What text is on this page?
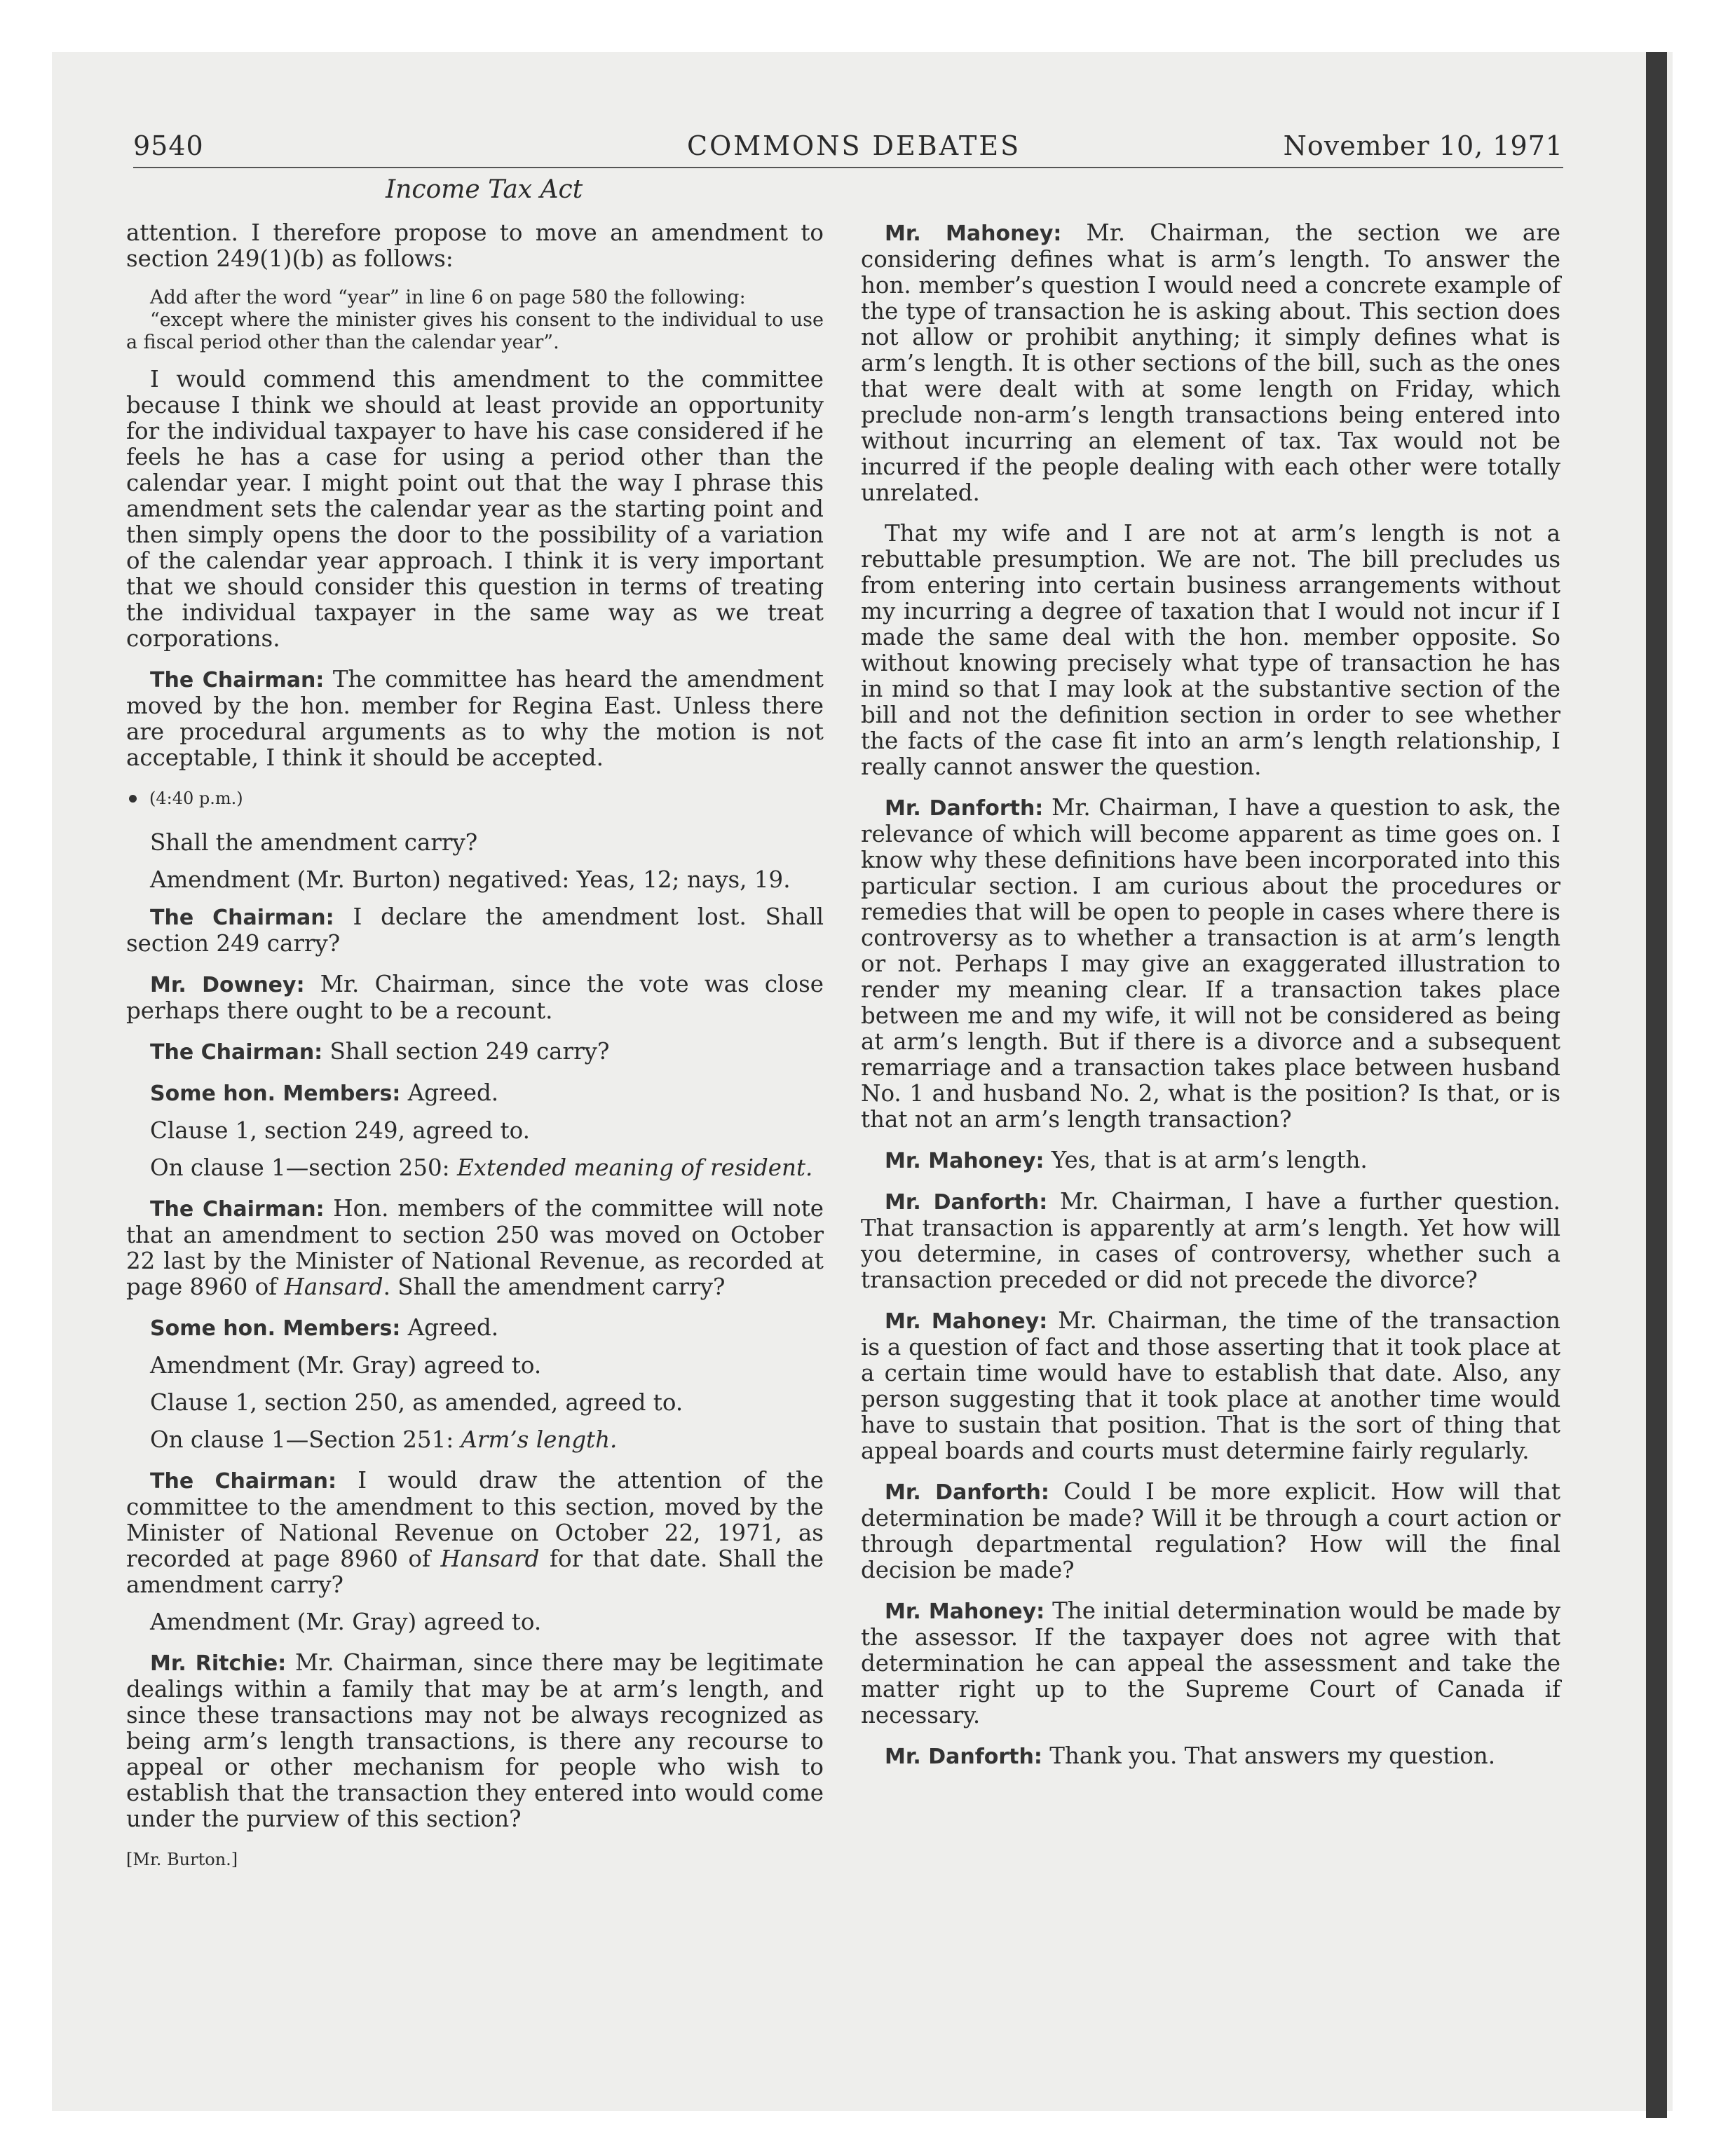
9540	COMMONS DEBATES	November 10, 1971
Income Tax Act

attention. I therefore propose to move an amendment to section 249(1)(b) as follows:

Add after the word “year” in line 6 on page 580 the following:
“except where the minister gives his consent to the individual to use a fiscal period other than the calendar year”.

I would commend this amendment to the committee because I think we should at least provide an opportunity for the individual taxpayer to have his case considered if he feels he has a case for using a period other than the calendar year. I might point out that the way I phrase this amendment sets the calendar year as the starting point and then simply opens the door to the possibility of a variation of the calendar year approach. I think it is very important that we should consider this question in terms of treating the individual taxpayer in the same way as we treat corporations.

The Chairman: The committee has heard the amendment moved by the hon. member for Regina East. Unless there are procedural arguments as to why the motion is not acceptable, I think it should be accepted.

(4:40 p.m.)

Shall the amendment carry?

Amendment (Mr. Burton) negatived: Yeas, 12; nays, 19.

The Chairman: I declare the amendment lost. Shall section 249 carry?

Mr. Downey: Mr. Chairman, since the vote was close perhaps there ought to be a recount.

The Chairman: Shall section 249 carry?

Some hon. Members: Agreed.

Clause 1, section 249, agreed to.

On clause 1—section 250: Extended meaning of resident.

The Chairman: Hon. members of the committee will note that an amendment to section 250 was moved on October 22 last by the Minister of National Revenue, as recorded at page 8960 of Hansard. Shall the amendment carry?

Some hon. Members: Agreed.

Amendment (Mr. Gray) agreed to.

Clause 1, section 250, as amended, agreed to.

On clause 1—Section 251: Arm’s length.

The Chairman: I would draw the attention of the committee to the amendment to this section, moved by the Minister of National Revenue on October 22, 1971, as recorded at page 8960 of Hansard for that date. Shall the amendment carry?

Amendment (Mr. Gray) agreed to.

Mr. Ritchie: Mr. Chairman, since there may be legitimate dealings within a family that may be at arm’s length, and since these transactions may not be always recognized as being arm’s length transactions, is there any recourse to appeal or other mechanism for people who wish to establish that the transaction they entered into would come under the purview of this section?

[Mr. Burton.]

Mr. Mahoney: Mr. Chairman, the section we are considering defines what is arm’s length. To answer the hon. member’s question I would need a concrete example of the type of transaction he is asking about. This section does not allow or prohibit anything; it simply defines what is arm’s length. It is other sections of the bill, such as the ones that were dealt with at some length on Friday, which preclude non-arm’s length transactions being entered into without incurring an element of tax. Tax would not be incurred if the people dealing with each other were totally unrelated.

That my wife and I are not at arm’s length is not a rebuttable presumption. We are not. The bill precludes us from entering into certain business arrangements without my incurring a degree of taxation that I would not incur if I made the same deal with the hon. member opposite. So without knowing precisely what type of transaction he has in mind so that I may look at the substantive section of the bill and not the definition section in order to see whether the facts of the case fit into an arm’s length relationship, I really cannot answer the question.

Mr. Danforth: Mr. Chairman, I have a question to ask, the relevance of which will become apparent as time goes on. I know why these definitions have been incorporated into this particular section. I am curious about the procedures or remedies that will be open to people in cases where there is controversy as to whether a transaction is at arm’s length or not. Perhaps I may give an exaggerated illustration to render my meaning clear. If a transaction takes place between me and my wife, it will not be considered as being at arm’s length. But if there is a divorce and a subsequent remarriage and a transaction takes place between husband No. 1 and husband No. 2, what is the position? Is that, or is that not an arm’s length transaction?

Mr. Mahoney: Yes, that is at arm’s length.

Mr. Danforth: Mr. Chairman, I have a further question. That transaction is apparently at arm’s length. Yet how will you determine, in cases of controversy, whether such a transaction preceded or did not precede the divorce?

Mr. Mahoney: Mr. Chairman, the time of the transaction is a question of fact and those asserting that it took place at a certain time would have to establish that date. Also, any person suggesting that it took place at another time would have to sustain that position. That is the sort of thing that appeal boards and courts must determine fairly regularly.

Mr. Danforth: Could I be more explicit. How will that determination be made? Will it be through a court action or through departmental regulation? How will the final decision be made?

Mr. Mahoney: The initial determination would be made by the assessor. If the taxpayer does not agree with that determination he can appeal the assessment and take the matter right up to the Supreme Court of Canada if necessary.

Mr. Danforth: Thank you. That answers my question.
